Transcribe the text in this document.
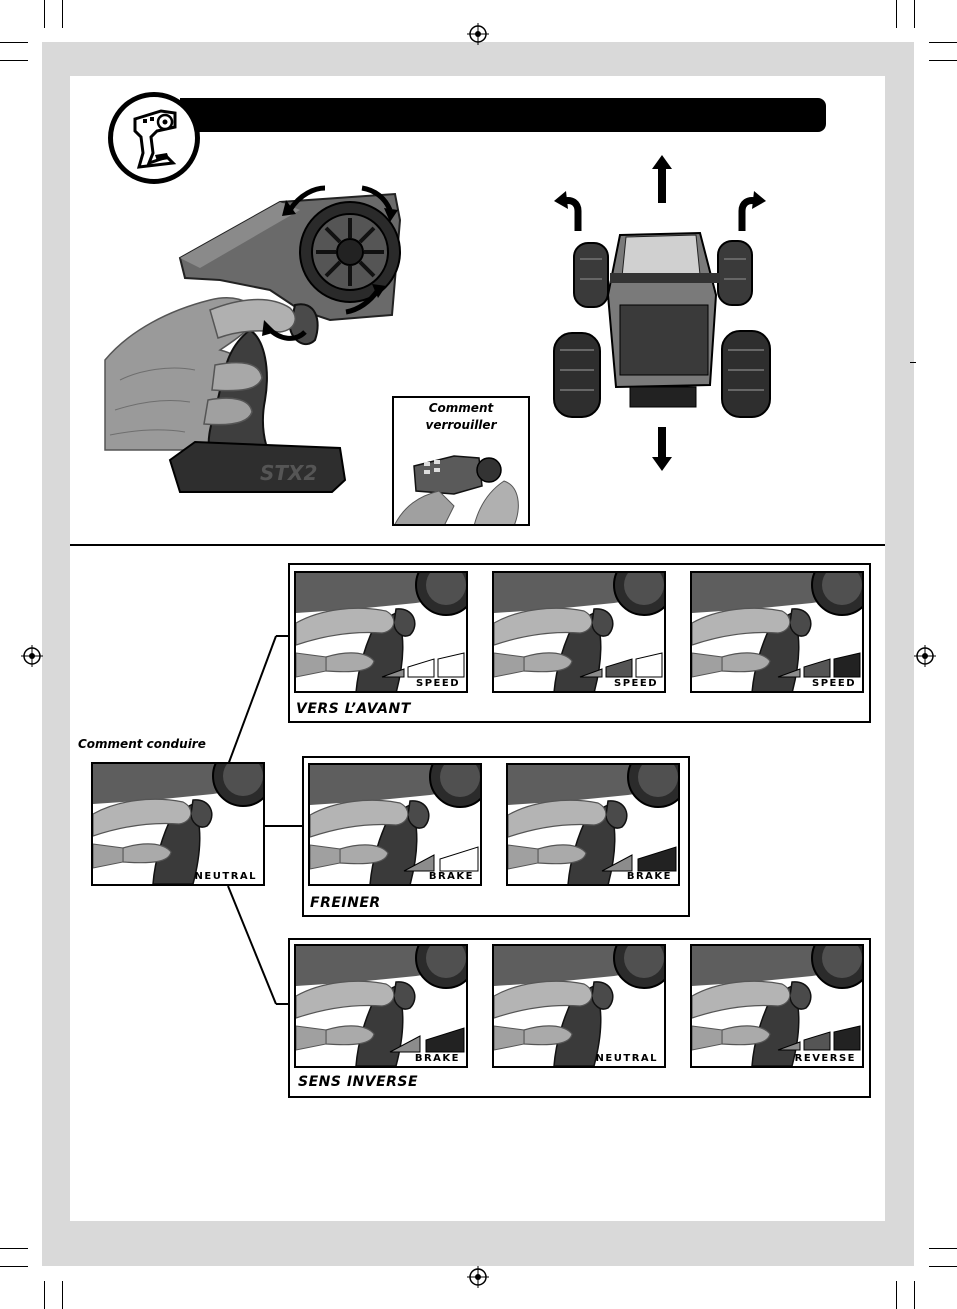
STX2
Comment
verrouiller
Comment conduire
NEUTRAL
VERS L’AVANT
SPEED	SPEED	SPEED
FREINER
BRAKE	BRAKE
SENS INVERSE
BRAKE	NEUTRAL	REVERSE
